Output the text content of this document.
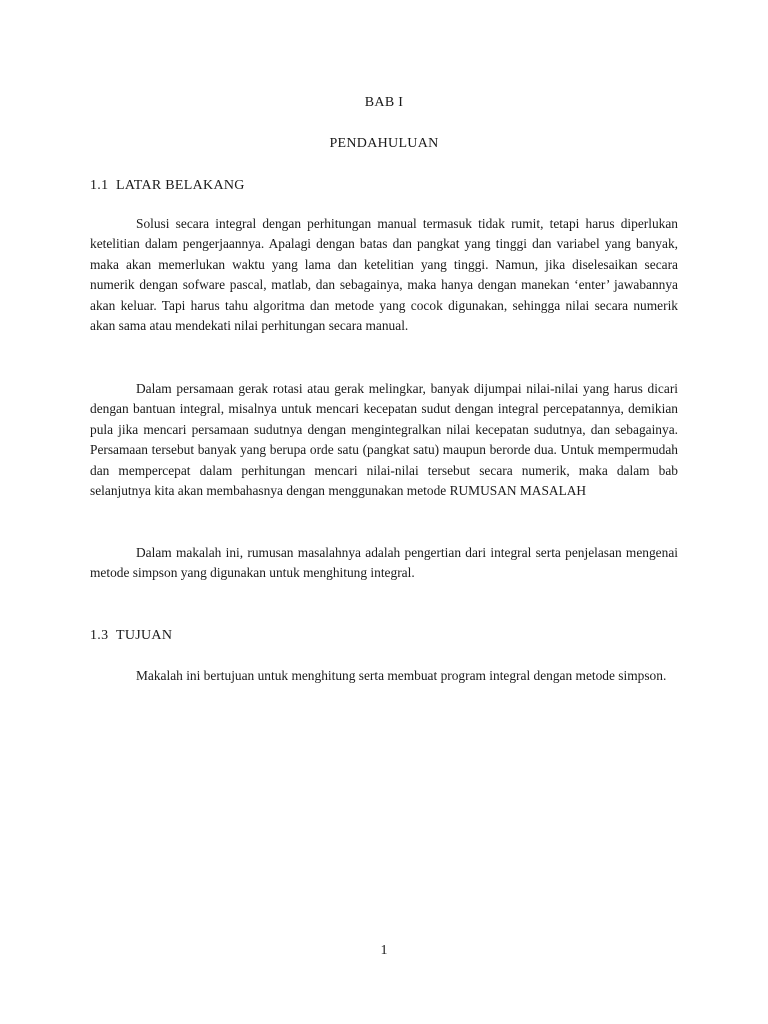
BAB I
PENDAHULUAN
1.1 LATAR BELAKANG

Solusi secara integral dengan perhitungan manual termasuk tidak rumit, tetapi harus diperlukan ketelitian dalam pengerjaannya. Apalagi dengan batas dan pangkat yang tinggi dan variabel yang banyak, maka akan memerlukan waktu yang lama dan ketelitian yang tinggi. Namun, jika diselesaikan secara numerik dengan sofware pascal, matlab, dan sebagainya, maka hanya dengan manekan ‘enter’ jawabannya akan keluar. Tapi harus tahu algoritma dan metode yang cocok digunakan, sehingga nilai secara numerik akan sama atau mendekati nilai perhitungan secara manual.

Dalam persamaan gerak rotasi atau gerak melingkar, banyak dijumpai nilai-nilai yang harus dicari dengan bantuan integral, misalnya untuk mencari kecepatan sudut dengan integral percepatannya, demikian pula jika mencari persamaan sudutnya dengan mengintegralkan nilai kecepatan sudutnya, dan sebagainya. Persamaan tersebut banyak yang berupa orde satu (pangkat satu) maupun berorde dua. Untuk mempermudah dan mempercepat dalam perhitungan mencari nilai-nilai tersebut secara numerik, maka dalam bab selanjutnya kita akan membahasnya dengan menggunakan metode RUMUSAN MASALAH

Dalam makalah ini, rumusan masalahnya adalah pengertian dari integral serta penjelasan mengenai metode simpson yang digunakan untuk menghitung integral.

1.3 TUJUAN

Makalah ini bertujuan untuk menghitung serta membuat program integral dengan metode simpson.

1
